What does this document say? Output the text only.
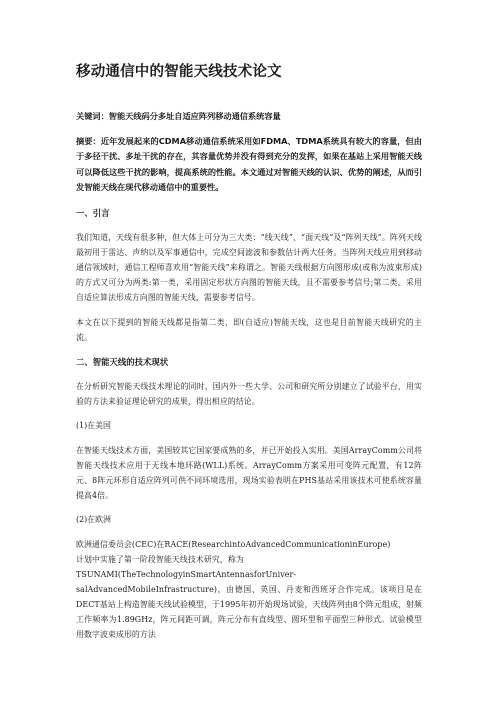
移动通信中的智能天线技术论文
关键词：智能天线码分多址自适应阵列移动通信系统容量
摘要：近年发展起来的CDMA移动通信系统采用如FDMA、TDMA系统具有较大的容量，但由于多径干扰、多址干扰的存在，其容量优势并没有得到充分的发挥，如果在基站上采用智能天线可以降低这些干扰的影响，提高系统的性能。本文通过对智能天线的认识、优势的阐述，从而引发智能天线在现代移动通信中的重要性。
一、引言
我们知道，天线有很多种，但大体上可分为三大类：“线天线”、“面天线”及“阵列天线”。阵列天线最初用于雷达、声纳以及军事通信中，完成空间滤波和参数估计两大任务。当阵列天线应用到移动通信领域时，通信工程师喜欢用“智能天线”来称谓之。智能天线根据方向图形成(或称为波束形成)的方式又可分为两类:第一类，采用固定形状方向图的智能天线，且不需要参考信号;第二类，采用自适应算法形成方向图的智能天线，需要参考信号。
本文在以下提到的智能天线都是指第二类，即(自适应)智能天线，这也是目前智能天线研究的主流。
二、智能天线的技术现状
在分析研究智能天线技术理论的同时，国内外一些大学、公司和研究所分别建立了试验平台，用实验的方法来验证理论研究的成果，得出相应的结论。
(1)在美国
在智能天线技术方面，美国较其它国家要成熟的多，并已开始投入实用。美国ArrayComm公司将智能天线技术应用于无线本地环路(WLL)系统。ArrayComm方案采用可变阵元配置，有12阵元、8阵元环形自适应阵列可供不同环境选用，现场实验表明在PHS基站采用该技术可使系统容量提高4倍。
(2)在欧洲
欧洲通信委员会(CEC)在RACE(ResearchintoAdvancedCommunicationinEurope)
计划中实施了第一阶段智能天线技术研究，称为
TSUNAMI(TheTechnologyinSmartAntennasforUniver-
salAdvancedMobileInfrastructure)，由德国、英国、丹麦和西班牙合作完成。该项目是在DECT基站上构造智能天线试验模型，于1995年初开始现场试验，天线阵列由8个阵元组成，射频工作频率为1.89GHz，阵元间距可调，阵元分布有直线型、圆环型和平面型三种形式。试验模型用数字波束成形的方法
